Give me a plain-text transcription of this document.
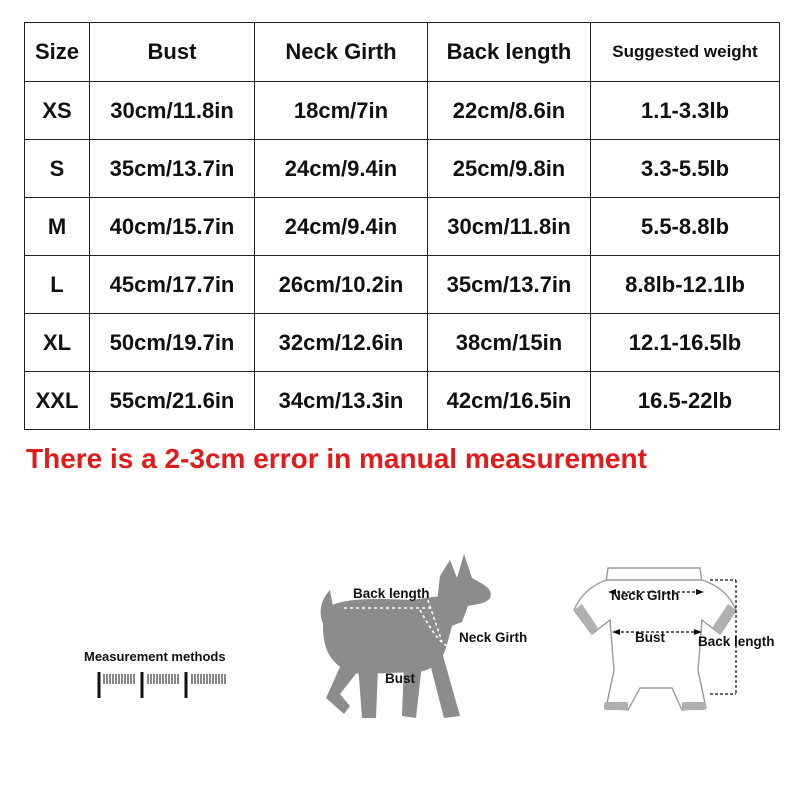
Size	Bust	Neck Girth	Back length	Suggested weight
XS	30cm/11.8in	18cm/7in	22cm/8.6in	1.1-3.3lb
S	35cm/13.7in	24cm/9.4in	25cm/9.8in	3.3-5.5lb
M	40cm/15.7in	24cm/9.4in	30cm/11.8in	5.5-8.8lb
L	45cm/17.7in	26cm/10.2in	35cm/13.7in	8.8lb-12.1lb
XL	50cm/19.7in	32cm/12.6in	38cm/15in	12.1-16.5lb
XXL	55cm/21.6in	34cm/13.3in	42cm/16.5in	16.5-22lb
There is a 2-3cm error in manual measurement
Measurement methods
Back length
Neck Girth
Bust
Neck Girth
Bust Back length
